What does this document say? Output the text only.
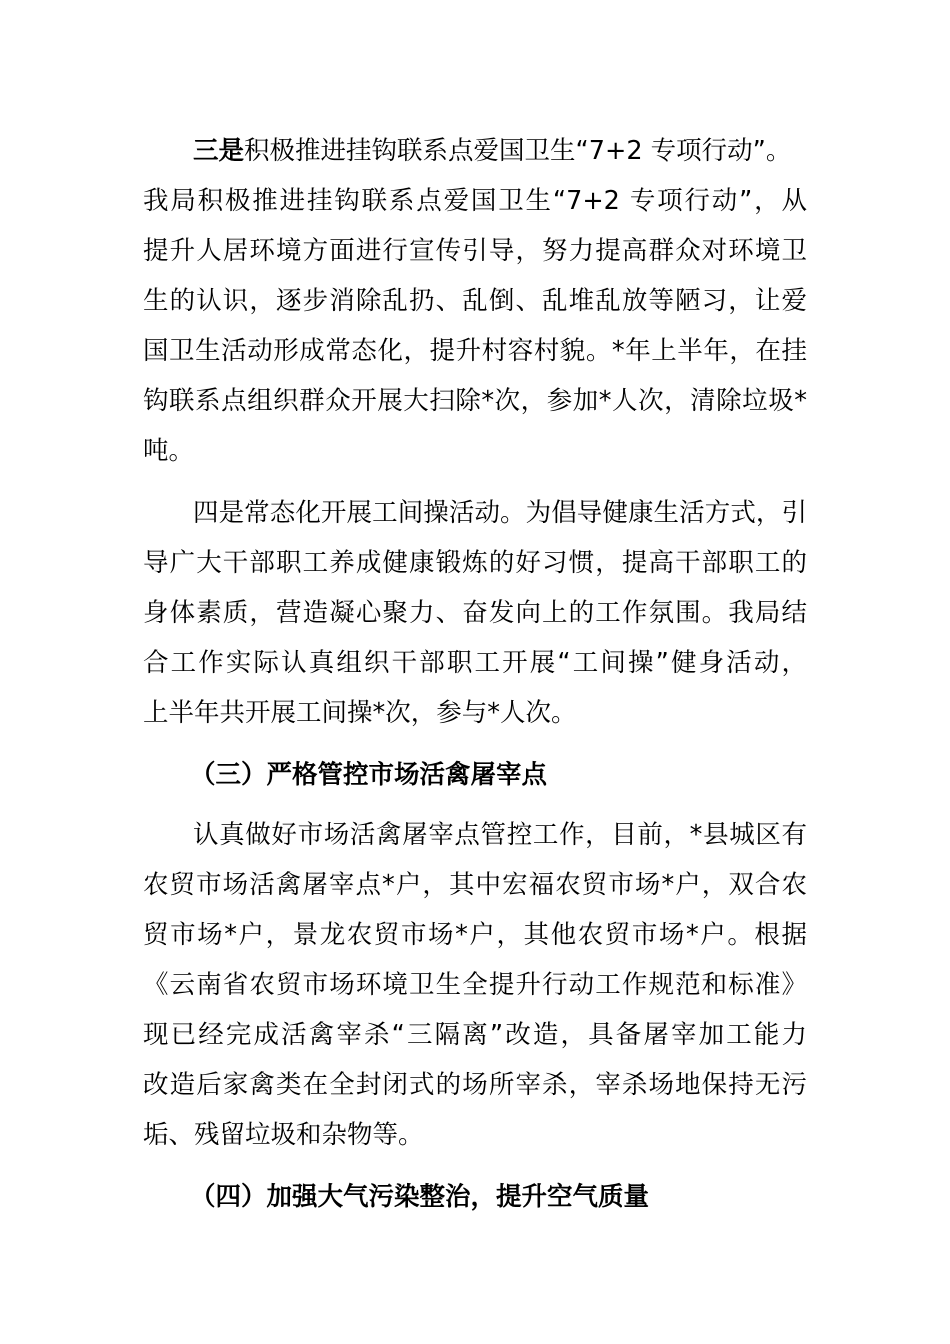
三是积极推进挂钩联系点爱国卫生“7+2 专项行动”。
我局积极推进挂钩联系点爱国卫生“7+2 专项行动”，从
提升人居环境方面进行宣传引导，努力提高群众对环境卫
生的认识，逐步消除乱扔、乱倒、乱堆乱放等陋习，让爱
国卫生活动形成常态化，提升村容村貌。*年上半年，在挂
钩联系点组织群众开展大扫除*次，参加*人次，清除垃圾*
吨。
四是常态化开展工间操活动。为倡导健康生活方式，引
导广大干部职工养成健康锻炼的好习惯，提高干部职工的
身体素质，营造凝心聚力、奋发向上的工作氛围。我局结
合工作实际认真组织干部职工开展“工间操”健身活动，
上半年共开展工间操*次，参与*人次。
（三）严格管控市场活禽屠宰点
认真做好市场活禽屠宰点管控工作，目前，*县城区有
农贸市场活禽屠宰点*户，其中宏福农贸市场*户，双合农
贸市场*户，景龙农贸市场*户，其他农贸市场*户。根据
《云南省农贸市场环境卫生全提升行动工作规范和标准》
现已经完成活禽宰杀“三隔离”改造，具备屠宰加工能力
改造后家禽类在全封闭式的场所宰杀，宰杀场地保持无污
垢、残留垃圾和杂物等。
（四）加强大气污染整治，提升空气质量
